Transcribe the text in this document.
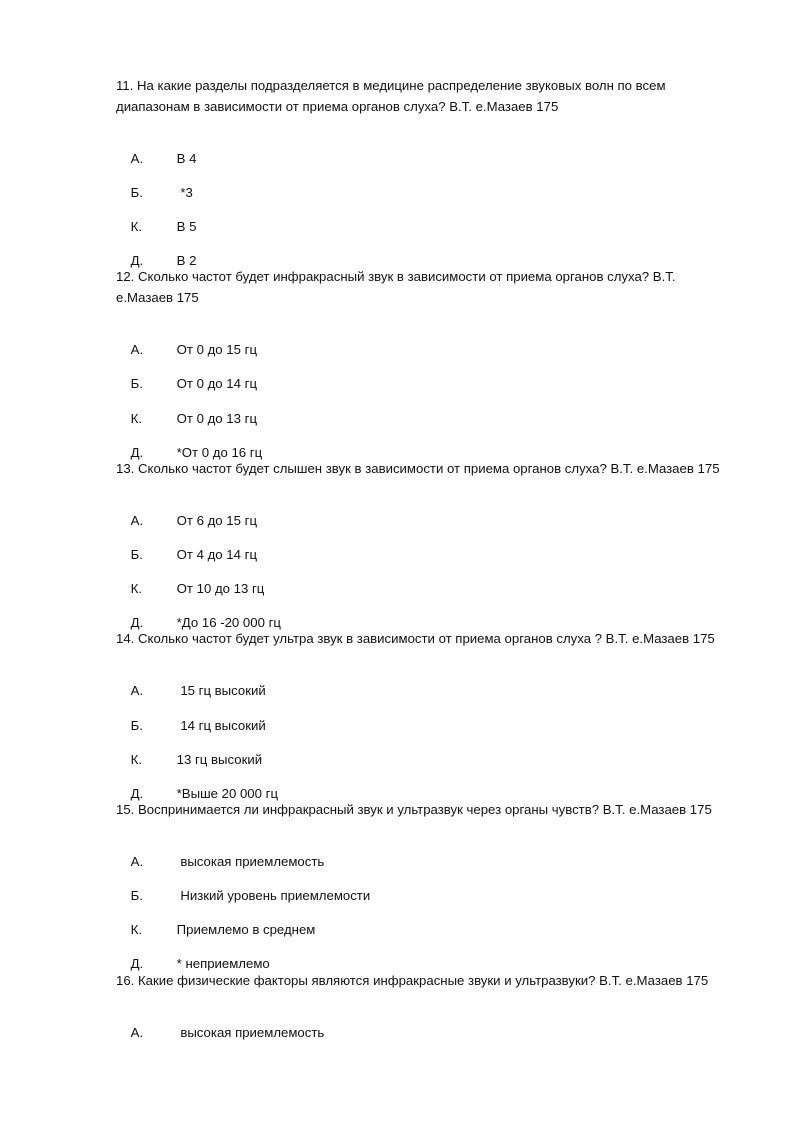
11. На какие разделы подразделяется в медицине распределение звуковых волн по всем диапазонам в зависимости от приема органов слуха? В.Т. е.Мазаев 175

А.	В 4

Б.	*3

К.	В 5

Д.	В 2

12. Сколько частот будет инфракрасный звук в зависимости от приема органов слуха? В.Т. е.Мазаев 175

А.	От 0 до 15 гц

Б.	От 0 до 14 гц

К.	От 0 до 13 гц

Д.	*От 0 до 16 гц

13. Сколько частот будет слышен звук в зависимости от приема органов слуха? В.Т. е.Мазаев 175

А.	От 6 до 15 гц

Б.	От 4 до 14 гц

К.	От 10 до 13 гц

Д.	*До 16 -20 000 гц

14. Сколько частот будет ультра звук в зависимости от приема органов слуха ? В.Т. е.Мазаев 175

А.	15 гц высокий

Б.	14 гц высокий

К.	13 гц высокий

Д.	*Выше 20 000 гц

15. Воспринимается ли инфракрасный звук и ультразвук через органы чувств? В.Т. е.Мазаев 175

А.	высокая приемлемость

Б.	Низкий уровень приемлемости

К.	Приемлемо в среднем

Д.	* неприемлемо

16. Какие физические факторы являются инфракрасные звуки и ультразвуки? В.Т. е.Мазаев 175

А.	высокая приемлемость
